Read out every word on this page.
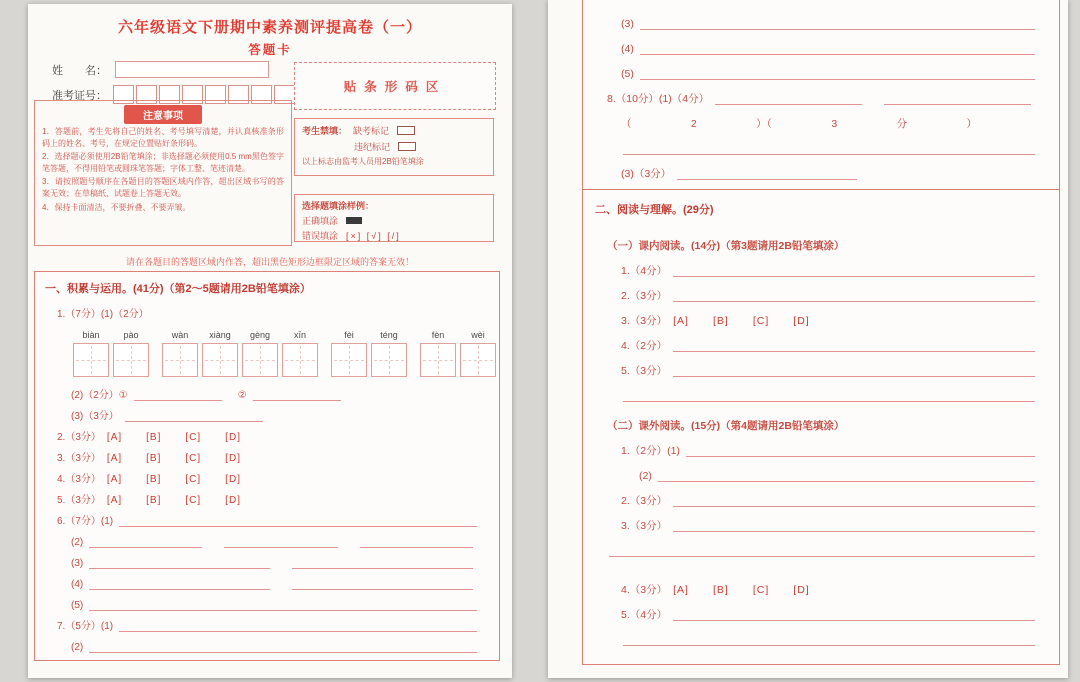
六年级语文下册期中素养测评提高卷（一）
答题卡
姓　　名：
准考证号：
贴条形码区
注意事项
1．答题前，考生先将自己的姓名、考号填写清楚，并认真核准条形码上的姓名、考号，在规定位置贴好条形码。
2．选择题必须使用2B铅笔填涂；非选择题必须使用0.5 mm黑色签字笔答题，不得用铅笔或圆珠笔答题；字体工整、笔迹清楚。
3．请按照题号顺序在各题目的答题区域内作答，超出区域书写的答案无效；在草稿纸、试题卷上答题无效。
4．保持卡面清洁，不要折叠、不要弄皱。
考生禁填： 缺考标记
违纪标记
以上标志由监考人员用2B铅笔填涂
选择题填涂样例：
正确填涂
错误填涂 [×] [√] [/]
请在各题目的答题区域内作答，超出黑色矩形边框限定区域的答案无效！
一、积累与运用。(41分)（第2～5题请用2B铅笔填涂）
1.（7分）(1)（2分）
biàn	pào	wàn xiàng gèng	xīn	fèi	téng	fèn	wèi
(2)（2分） ①	②
(3)（3分）
2.（3分） [ A ]	[ B ]	[ C ]	[ D ]
3.（3分） [ A ]	[ B ]	[ C ]	[ D ]
4.（3分） [ A ]	[ B ]	[ C ]	[ D ]
5.（3分） [ A ]	[ B ]	[ C ]	[ D ]
6.（7分）(1)
(2)
(3)
(4)
(5)
7.（5分）(1)
(2)
(3)
(4)
(5)
8.（10分）(1)（4分）
（	2	）（	3	分	）
(3)（3分）
二、阅读与理解。(29分)
（一）课内阅读。(14分)（第3题请用2B铅笔填涂）
1.（4分）
2.（3分）
3.（3分） [ A ]	[ B ]	[ C ]	[ D ]
4.（2分）
5.（3分）
（二）课外阅读。(15分)（第4题请用2B铅笔填涂）
1.（2分）(1)
(2)
2.（3分）
3.（3分）
4.（3分） [ A ]	[ B ]	[ C ]	[ D ]
5.（4分）
